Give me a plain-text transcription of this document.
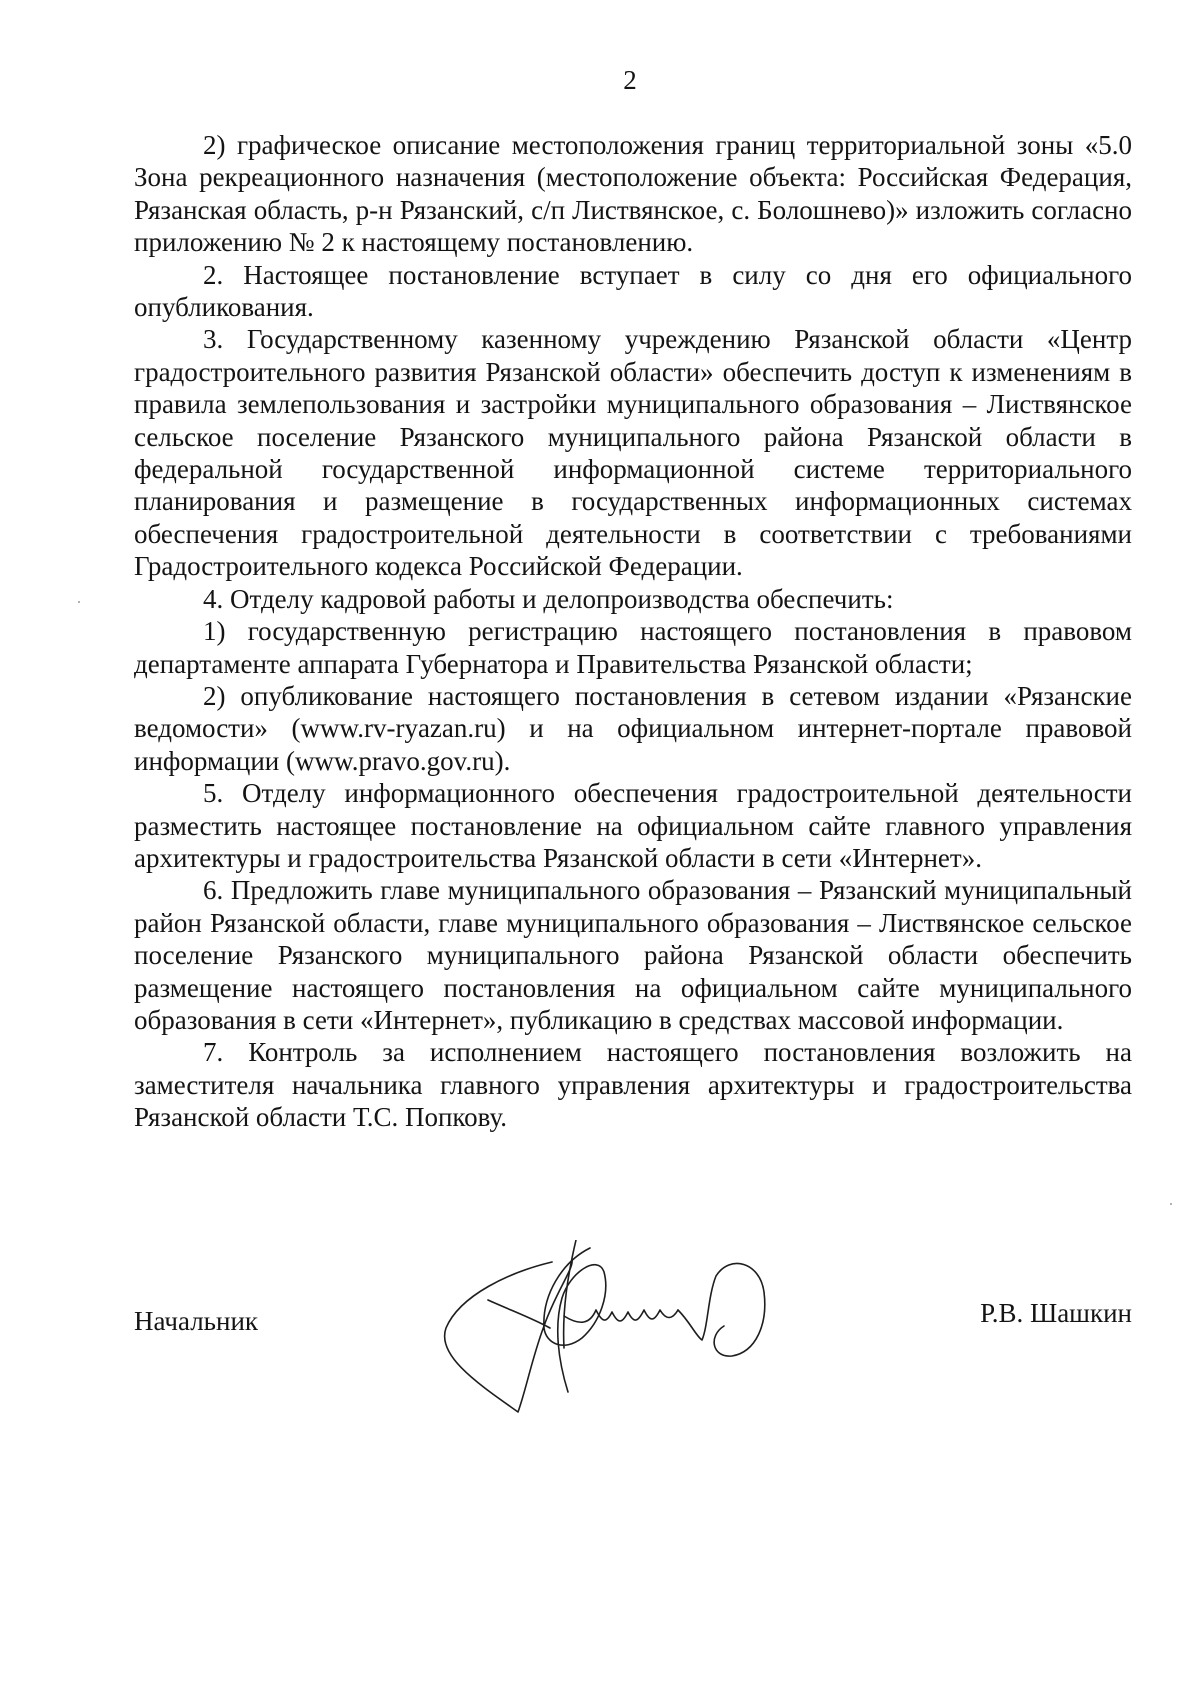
2

2) графическое описание местоположения границ территориальной зоны «5.0 Зона рекреационного назначения (местоположение объекта: Российская Федерация, Рязанская область, р-н Рязанский, с/п Листвянское, с. Болошнево)» изложить согласно приложению № 2 к настоящему постановлению.

2. Настоящее постановление вступает в силу со дня его официального опубликования.

3. Государственному казенному учреждению Рязанской области «Центр градостроительного развития Рязанской области» обеспечить доступ к изменениям в правила землепользования и застройки муниципального образования – Листвянское сельское поселение Рязанского муниципального района Рязанской области в федеральной государственной информационной системе территориального планирования и размещение в государственных информационных системах обеспечения градостроительной деятельности в соответствии с требованиями Градостроительного кодекса Российской Федерации.

4. Отделу кадровой работы и делопроизводства обеспечить:

1) государственную регистрацию настоящего постановления в правовом департаменте аппарата Губернатора и Правительства Рязанской области;

2) опубликование настоящего постановления в сетевом издании «Рязанские ведомости» (www.rv-ryazan.ru) и на официальном интернет-портале правовой информации (www.pravo.gov.ru).

5. Отделу информационного обеспечения градостроительной деятельности разместить настоящее постановление на официальном сайте главного управления архитектуры и градостроительства Рязанской области в сети «Интернет».

6. Предложить главе муниципального образования – Рязанский муниципальный район Рязанской области, главе муниципального образования – Листвянское сельское поселение Рязанского муниципального района Рязанской области обеспечить размещение настоящего постановления на официальном сайте муниципального образования в сети «Интернет», публикацию в средствах массовой информации.

7. Контроль за исполнением настоящего постановления возложить на заместителя начальника главного управления архитектуры и градостроительства Рязанской области Т.С. Попкову.

Начальник	Р.В. Шашкин
